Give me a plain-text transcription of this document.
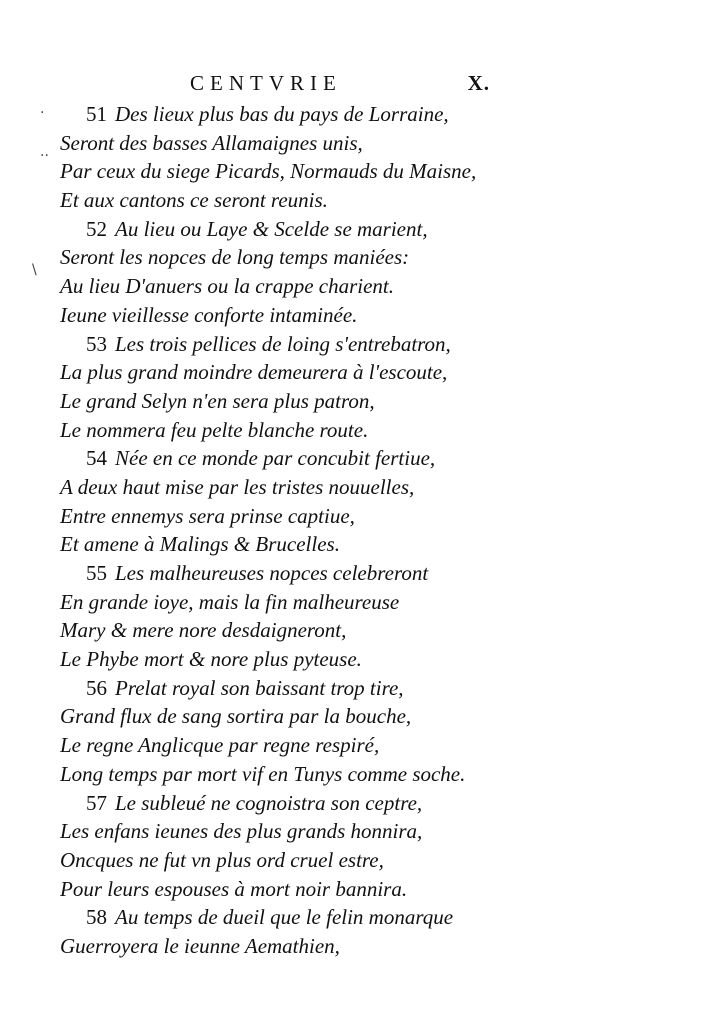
CENTVRIE	X.
·
··
\
51 Des lieux plus bas du pays de Lorraine,
Seront des basses Allamaignes unis,
Par ceux du siege Picards, Normauds du Maisne,
Et aux cantons ce seront reunis.
52 Au lieu ou Laye & Scelde se marient,
Seront les nopces de long temps maniées:
Au lieu D'anuers ou la crappe charient.
Ieune vieillesse conforte intaminée.
53 Les trois pellices de loing s'entrebatron,
La plus grand moindre demeurera à l'escoute,
Le grand Selyn n'en sera plus patron,
Le nommera feu pelte blanche route.
54 Née en ce monde par concubit fertiue,
A deux haut mise par les tristes nouuelles,
Entre ennemys sera prinse captiue,
Et amene à Malings & Brucelles.
55 Les malheureuses nopces celebreront
En grande ioye, mais la fin malheureuse
Mary & mere nore desdaigneront,
Le Phybe mort & nore plus pyteuse.
56 Prelat royal son baissant trop tire,
Grand flux de sang sortira par la bouche,
Le regne Anglicque par regne respiré,
Long temps par mort vif en Tunys comme soche.
57 Le subleué ne cognoistra son ceptre,
Les enfans ieunes des plus grands honnira,
Oncques ne fut vn plus ord cruel estre,
Pour leurs espouses à mort noir bannira.
58 Au temps de dueil que le felin monarque
Guerroyera le ieunne Aemathien,
